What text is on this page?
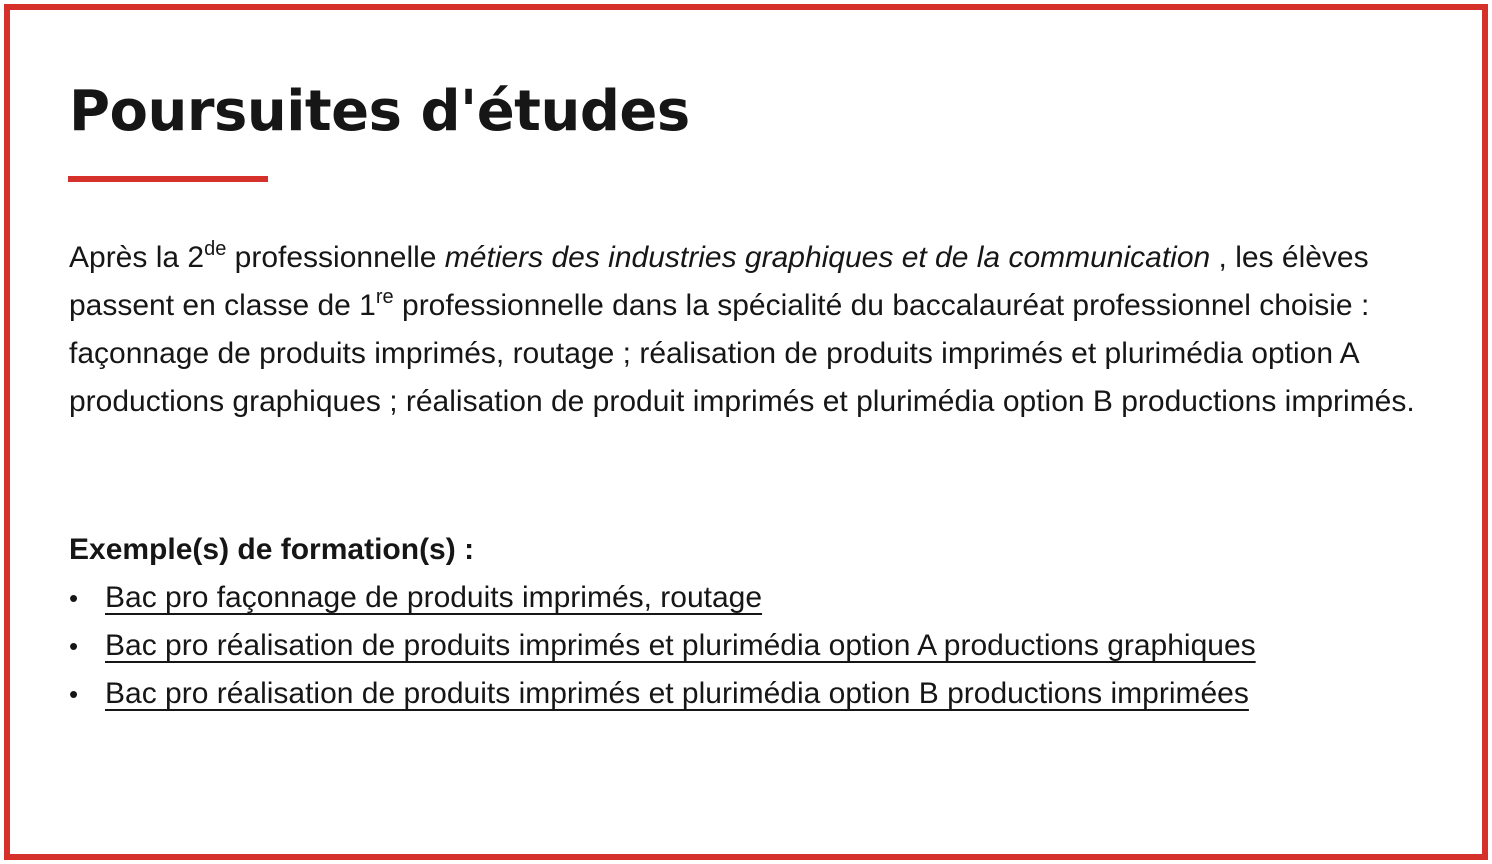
Poursuites d'études

Après la 2de professionnelle métiers des industries graphiques et de la communication , les élèves passent en classe de 1re professionnelle dans la spécialité du baccalauréat professionnel choisie : façonnage de produits imprimés, routage ; réalisation de produits imprimés et plurimédia option A productions graphiques ; réalisation de produit imprimés et plurimédia option B productions imprimés.

Exemple(s) de formation(s) :

• Bac pro façonnage de produits imprimés, routage
• Bac pro réalisation de produits imprimés et plurimédia option A productions graphiques
• Bac pro réalisation de produits imprimés et plurimédia option B productions imprimées
